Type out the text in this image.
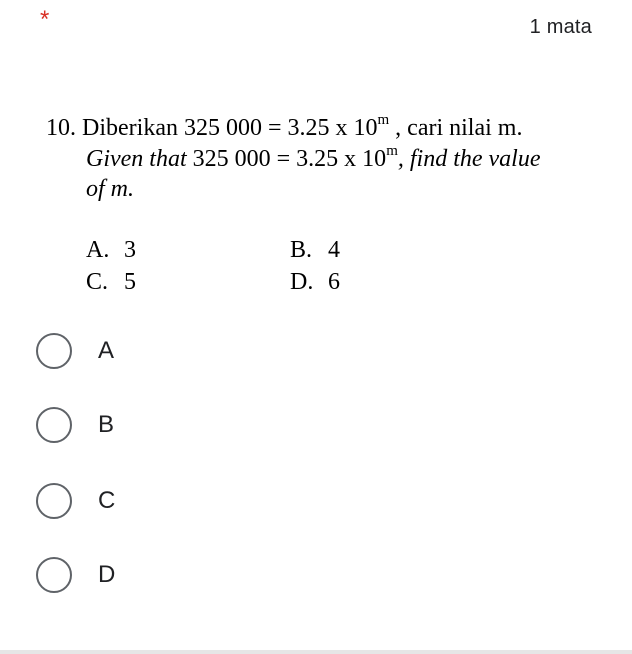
*	1 mata
10. Diberikan 325 000 = 3.25 x 10$^m$ , cari nilai m.
Given that 325 000 = 3.25 x 10$^m$, find the value
of m.
A. 3	B. 4
C. 5	D. 6
A
B
C
D
